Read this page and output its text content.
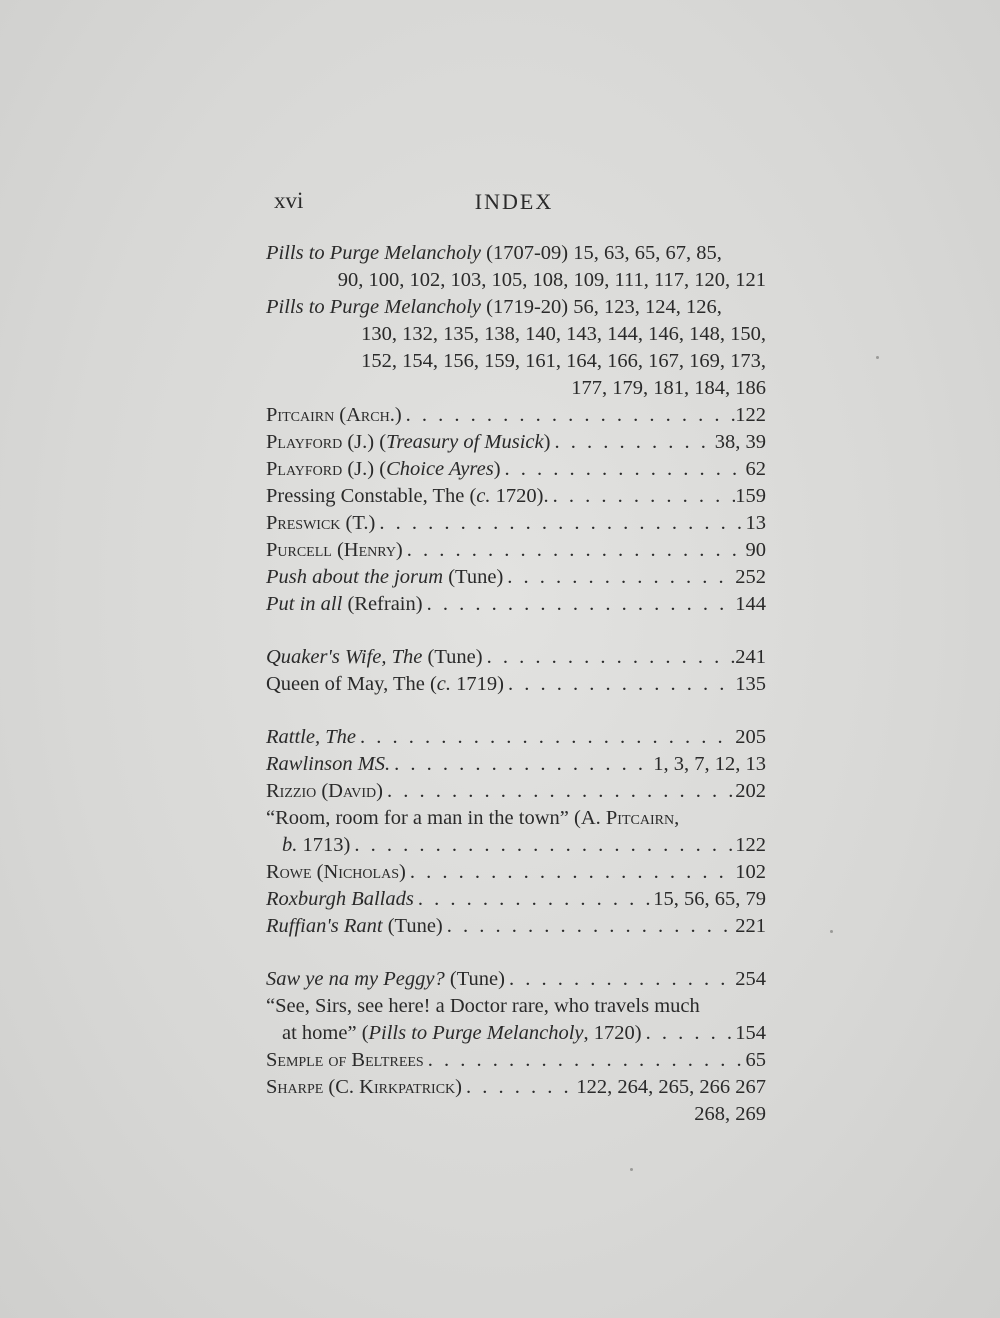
xvi	INDEX
Pills to Purge Melancholy (1707-09) 15, 63, 65, 67, 85,
90, 100, 102, 103, 105, 108, 109, 111, 117, 120, 121
Pills to Purge Melancholy (1719-20) 56, 123, 124, 126,
130, 132, 135, 138, 140, 143, 144, 146, 148, 150,
152, 154, 156, 159, 161, 164, 166, 167, 169, 173,
177, 179, 181, 184, 186
Pitcairn (Arch.) . . .	122
Playford (J.) (Treasury of Musick) . . .	38, 39
Playford (J.) (Choice Ayres) . . .	62
Pressing Constable, The (c. 1720). . . .	159
Preswick (T.) . . .	13
Purcell (Henry) . . .	90
Push about the jorum (Tune) . . .	252
Put in all (Refrain) . . .	144
Quaker's Wife, The (Tune) . . .	241
Queen of May, The (c. 1719) . . .	135
Rattle, The . . .	205
Rawlinson MS. . . .	1, 3, 7, 12, 13
Rizzio (David) . . .	202
“Room, room for a man in the town” (A. Pitcairn,
b. 1713) . . .	122
Rowe (Nicholas) . . .	102
Roxburgh Ballads . . .	15, 56, 65, 79
Ruffian's Rant (Tune) . . .	221
Saw ye na my Peggy? (Tune) . . .	254
“See, Sirs, see here! a Doctor rare, who travels much
at home” (Pills to Purge Melancholy, 1720) . . .	154
Semple of Beltrees . . .	65
Sharpe (C. Kirkpatrick) . . .	122, 264, 265, 266 267
268, 269
